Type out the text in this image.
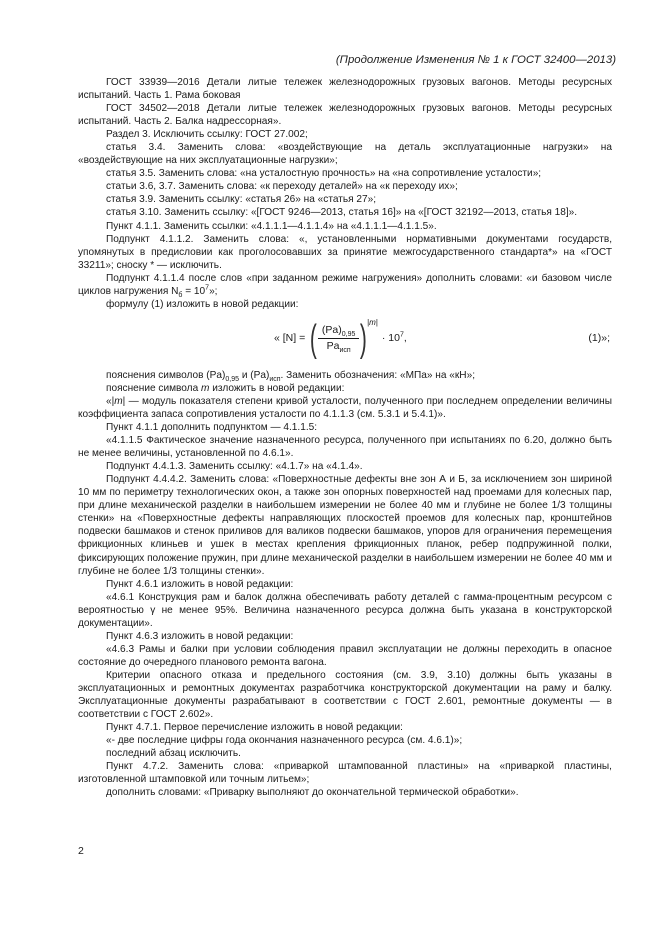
(Продолжение Изменения № 1 к ГОСТ 32400—2013)

ГОСТ 33939—2016 Детали литые тележек железнодорожных грузовых вагонов. Методы ресурсных испытаний. Часть 1. Рама боковая

ГОСТ 34502—2018 Детали литые тележек железнодорожных грузовых вагонов. Методы ресурсных испытаний. Часть 2. Балка надрессорная».

Раздел 3. Исключить ссылку: ГОСТ 27.002;

статья 3.4. Заменить слова: «воздействующие на деталь эксплуатационные нагрузки» на «воздействующие на них эксплуатационные нагрузки»;

статья 3.5. Заменить слова: «на усталостную прочность» на «на сопротивление усталости»;

статьи 3.6, 3.7. Заменить слова: «к переходу деталей» на «к переходу их»;

статья 3.9. Заменить ссылку: «статья 26» на «статья 27»;

статья 3.10. Заменить ссылку: «[ГОСТ 9246—2013, статья 16]» на «[ГОСТ 32192—2013, статья 18]».

Пункт 4.1.1. Заменить ссылки: «4.1.1.1—4.1.1.4» на «4.1.1.1—4.1.1.5».

Подпункт 4.1.1.2. Заменить слова: «, установленными нормативными документами государств, упомянутых в предисловии как проголосовавших за принятие межгосударственного стандарта*» на «ГОСТ 33211»; сноску * — исключить.

Подпункт 4.1.1.4 после слов «при заданном режиме нагружения» дополнить словами: «и базовом числе циклов нагружения $N_б = 10^7$»;

формулу (1) изложить в новой редакции:

« [N] = ( $\frac{(Pa)_{0,95}}{Pa_{исп}}$ ) |m|
· $10^7$,	(1)»;

пояснения символов $(Pa)_{0,95}$ и $(Pa)_{исп}$. Заменить обозначения: «МПа» на «кН»;

пояснение символа m изложить в новой редакции:

«|m| — модуль показателя степени кривой усталости, полученного при последнем определении величины коэффициента запаса сопротивления усталости по 4.1.1.3 (см. 5.3.1 и 5.4.1)».

Пункт 4.1.1 дополнить подпунктом — 4.1.1.5:

«4.1.1.5 Фактическое значение назначенного ресурса, полученного при испытаниях по 6.20, должно быть не менее величины, установленной по 4.6.1».

Подпункт 4.4.1.3. Заменить ссылку: «4.1.7» на «4.1.4».

Подпункт 4.4.4.2. Заменить слова: «Поверхностные дефекты вне зон А и Б, за исключением зон шириной 10 мм по периметру технологических окон, а также зон опорных поверхностей над проемами для колесных пар, при длине механической разделки в наибольшем измерении не более 40 мм и глубине не более 1/3 толщины стенки» на «Поверхностные дефекты направляющих плоскостей проемов для колесных пар, кронштейнов подвески башмаков и стенок приливов для валиков подвески башмаков, упоров для ограничения перемещения фрикционных клиньев и ушек в местах крепления фрикционных планок, ребер подпружинной полки, фиксирующих положение пружин, при длине механической разделки в наибольшем измерении не более 40 мм и глубине не более 1/3 толщины стенки».

Пункт 4.6.1 изложить в новой редакции:

«4.6.1 Конструкция рам и балок должна обеспечивать работу деталей с гамма-процентным ресурсом с вероятностью γ не менее 95%. Величина назначенного ресурса должна быть указана в конструкторской документации».

Пункт 4.6.3 изложить в новой редакции:

«4.6.3 Рамы и балки при условии соблюдения правил эксплуатации не должны переходить в опасное состояние до очередного планового ремонта вагона.

Критерии опасного отказа и предельного состояния (см. 3.9, 3.10) должны быть указаны в эксплуатационных и ремонтных документах разработчика конструкторской документации на раму и балку. Эксплуатационные документы разрабатывают в соответствии с ГОСТ 2.601, ремонтные документы — в соответствии с ГОСТ 2.602».

Пункт 4.7.1. Первое перечисление изложить в новой редакции:

«- две последние цифры года окончания назначенного ресурса (см. 4.6.1)»;

последний абзац исключить.

Пункт 4.7.2. Заменить слова: «приваркой штампованной пластины» на «приваркой пластины, изготовленной штамповкой или точным литьем»;

дополнить словами: «Приварку выполняют до окончательной термической обработки».

2
